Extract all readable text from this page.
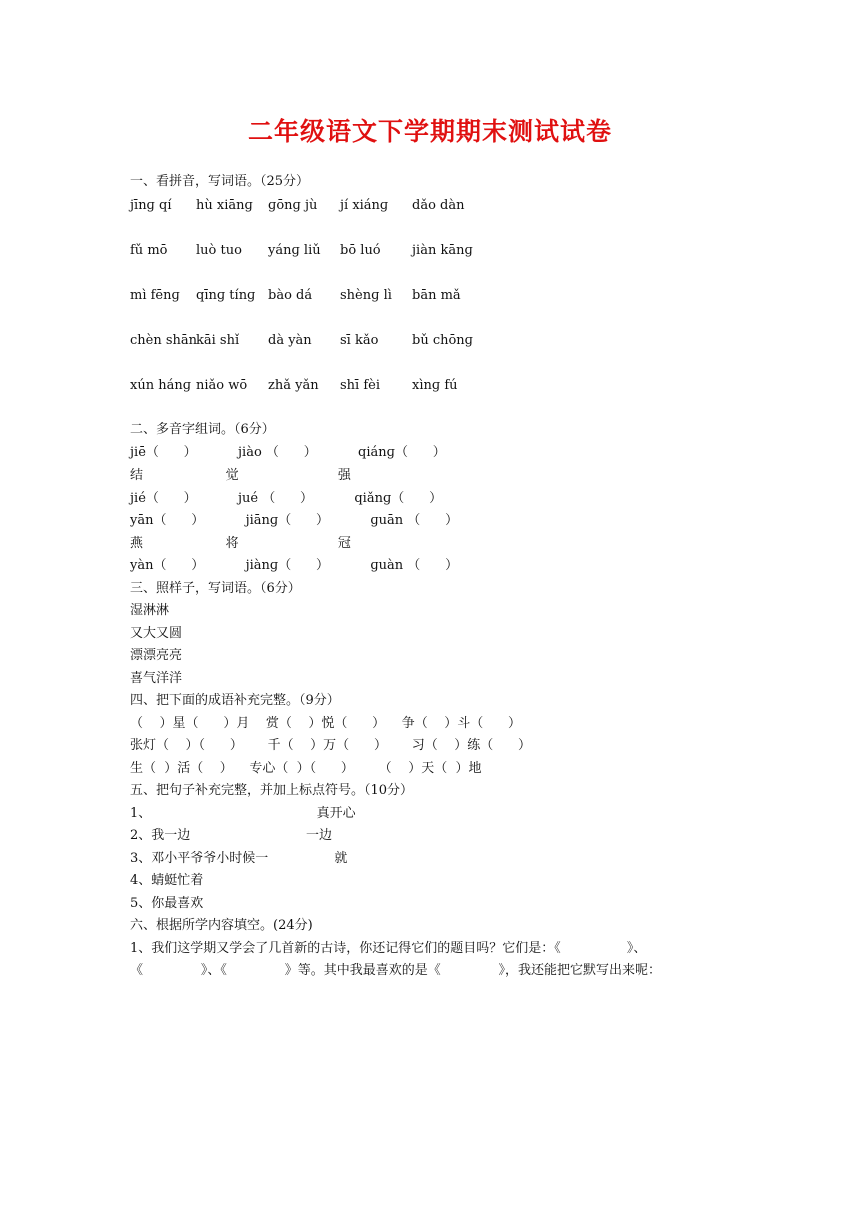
二年级语文下学期期末测试试卷
一、看拼音，写词语。（25分）
jīnɡ qí hù xiānɡ ɡōnɡ jù jí xiánɡ dǎo dàn
fǔ mō luò tuo yánɡ liǔ bō luó jiàn kānɡ
mì fēnɡ qīnɡ tínɡ bào dá shènɡ lì bān mǎ
chèn shān
kāi shǐ dà yàn sī kǎo	bǔ chōnɡ
xún hánɡ niǎo wō zhǎ yǎn shī fèi xìnɡ fú
二、多音字组词。（6分）
jiē（      ）          jiào （      ）          qiánɡ（      ）
结                    觉                        强
jié（      ）          jué （      ）          qiǎnɡ（      ）
yān（      ）          jiānɡ（      ）          ɡuān （      ）
燕                    将                        冠
yàn（      ）          jiànɡ（      ）          ɡuàn （      ）
三、照样子，写词语。（6分）
湿淋淋
又大又圆
漂漂亮亮
喜气洋洋
四、把下面的成语补充完整。（9分）
（    ）星（      ）月    赏（    ）悦（      ）    争（    ）斗（      ）
张灯（    ）（      ）      千（    ）万（      ）      习（    ）练（      ）
生（  ）活（    ）    专心（  ）（      ）      （    ）天（  ）地
五、把句子补充完整，并加上标点符号。（10分）
1、                                        真开心
2、我一边                            一边
3、邓小平爷爷小时候一                就
4、蜻蜓忙着
5、你最喜欢
六、根据所学内容填空。(24分)
1、我们这学期又学会了几首新的古诗，你还记得它们的题目吗？它们是：《                》、
《              》、《              》等。其中我最喜欢的是《              》，我还能把它默写出来呢：
